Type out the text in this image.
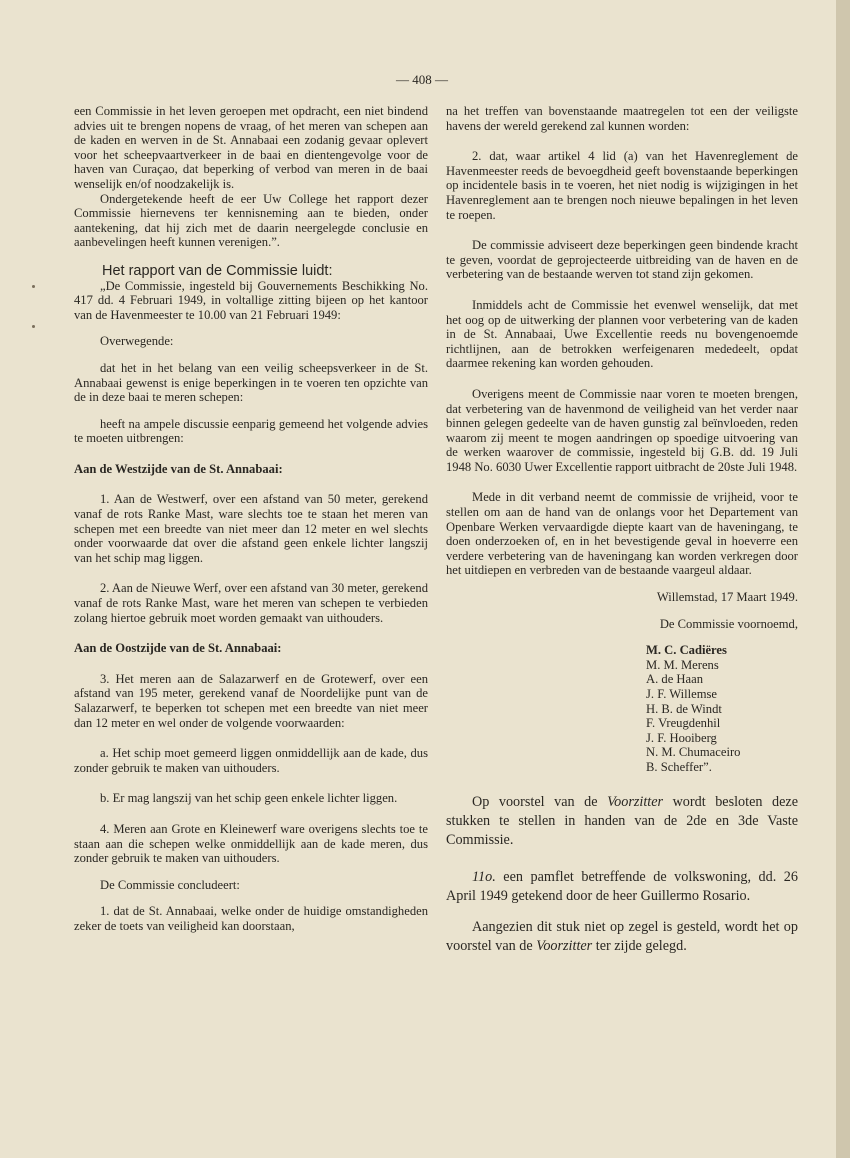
— 408 —

een Commissie in het leven geroepen met opdracht, een niet bindend advies uit te brengen nopens de vraag, of het meren van schepen aan de kaden en werven in de St. Annabaai een zodanig gevaar oplevert voor het scheepvaartverkeer in de baai en dientengevolge voor de haven van Curaçao, dat beperking of verbod van meren in de baai wenselijk en/of noodzakelijk is.

Ondergetekende heeft de eer Uw College het rapport dezer Commissie hiernevens ter kennisneming aan te bieden, onder aantekening, dat hij zich met de daarin neergelegde conclusie en aanbevelingen heeft kunnen verenigen.”.

Het rapport van de Commissie luidt:

„De Commissie, ingesteld bij Gouvernements Beschikking No. 417 dd. 4 Februari 1949, in voltallige zitting bijeen op het kantoor van de Havenmeester te 10.00 van 21 Februari 1949:

Overwegende:

dat het in het belang van een veilig scheepsverkeer in de St. Annabaai gewenst is enige beperkingen in te voeren ten opzichte van de in deze baai te meren schepen:

heeft na ampele discussie eenparig gemeend het volgende advies te moeten uitbrengen:

Aan de Westzijde van de St. Annabaai:

1. Aan de Westwerf, over een afstand van 50 meter, gerekend vanaf de rots Ranke Mast, ware slechts toe te staan het meren van schepen met een breedte van niet meer dan 12 meter en wel slechts onder voorwaarde dat over die afstand geen enkele lichter langszij van het schip mag liggen.

2. Aan de Nieuwe Werf, over een afstand van 30 meter, gerekend vanaf de rots Ranke Mast, ware het meren van schepen te verbieden zolang hiertoe gebruik moet worden gemaakt van uithouders.

Aan de Oostzijde van de St. Annabaai:

3. Het meren aan de Salazarwerf en de Grotewerf, over een afstand van 195 meter, gerekend vanaf de Noordelijke punt van de Salazarwerf, te beperken tot schepen met een breedte van niet meer dan 12 meter en wel onder de volgende voorwaarden:

a. Het schip moet gemeerd liggen onmiddellijk aan de kade, dus zonder gebruik te maken van uithouders.

b. Er mag langszij van het schip geen enkele lichter liggen.

4. Meren aan Grote en Kleinewerf ware overigens slechts toe te staan aan die schepen welke onmiddellijk aan de kade meren, dus zonder gebruik te maken van uithouders.

De Commissie concludeert:

1. dat de St. Annabaai, welke onder de huidige omstandigheden zeker de toets van veiligheid kan doorstaan,

na het treffen van bovenstaande maatregelen tot een der veiligste havens der wereld gerekend zal kunnen worden:

2. dat, waar artikel 4 lid (a) van het Havenreglement de Havenmeester reeds de bevoegdheid geeft bovenstaande beperkingen op incidentele basis in te voeren, het niet nodig is wijzigingen in het Havenreglement aan te brengen noch nieuwe bepalingen in het leven te roepen.

De commissie adviseert deze beperkingen geen bindende kracht te geven, voordat de geprojecteerde uitbreiding van de haven en de verbetering van de bestaande werven tot stand zijn gekomen.

Inmiddels acht de Commissie het evenwel wenselijk, dat met het oog op de uitwerking der plannen voor verbetering van de kaden in de St. Annabaai, Uwe Excellentie reeds nu bovengenoemde richtlijnen, aan de betrokken werfeigenaren mededeelt, opdat daarmee rekening kan worden gehouden.

Overigens meent de Commissie naar voren te moeten brengen, dat verbetering van de havenmond de veiligheid van het verder naar binnen gelegen gedeelte van de haven gunstig zal beïnvloeden, reden waarom zij meent te mogen aandringen op spoedige uitvoering van de werken waarover de commissie, ingesteld bij G.B. dd. 19 Juli 1948 No. 6030 Uwer Excellentie rapport uitbracht de 20ste Juli 1948.

Mede in dit verband neemt de commissie de vrijheid, voor te stellen om aan de hand van de onlangs voor het Departement van Openbare Werken vervaardigde diepte kaart van de haveningang, te doen onderzoeken of, en in het bevestigende geval in hoeverre een verdere verbetering van de haveningang kan worden verkregen door het uitdiepen en verbreden van de bestaande vaargeul aldaar.

Willemstad, 17 Maart 1949.

De Commissie voornoemd,

M. C. Cadiëres

M. M. Merens

A. de Haan

J. F. Willemse

H. B. de Windt

F. Vreugdenhil

J. F. Hooiberg

N. M. Chumaceiro

B. Scheffer”.

Op voorstel van de Voorzitter wordt besloten deze stukken te stellen in handen van de 2de en 3de Vaste Commissie.

11o. een pamflet betreffende de volkswoning, dd. 26 April 1949 getekend door de heer Guillermo Rosario.

Aangezien dit stuk niet op zegel is gesteld, wordt het op voorstel van de Voorzitter ter zijde gelegd.
